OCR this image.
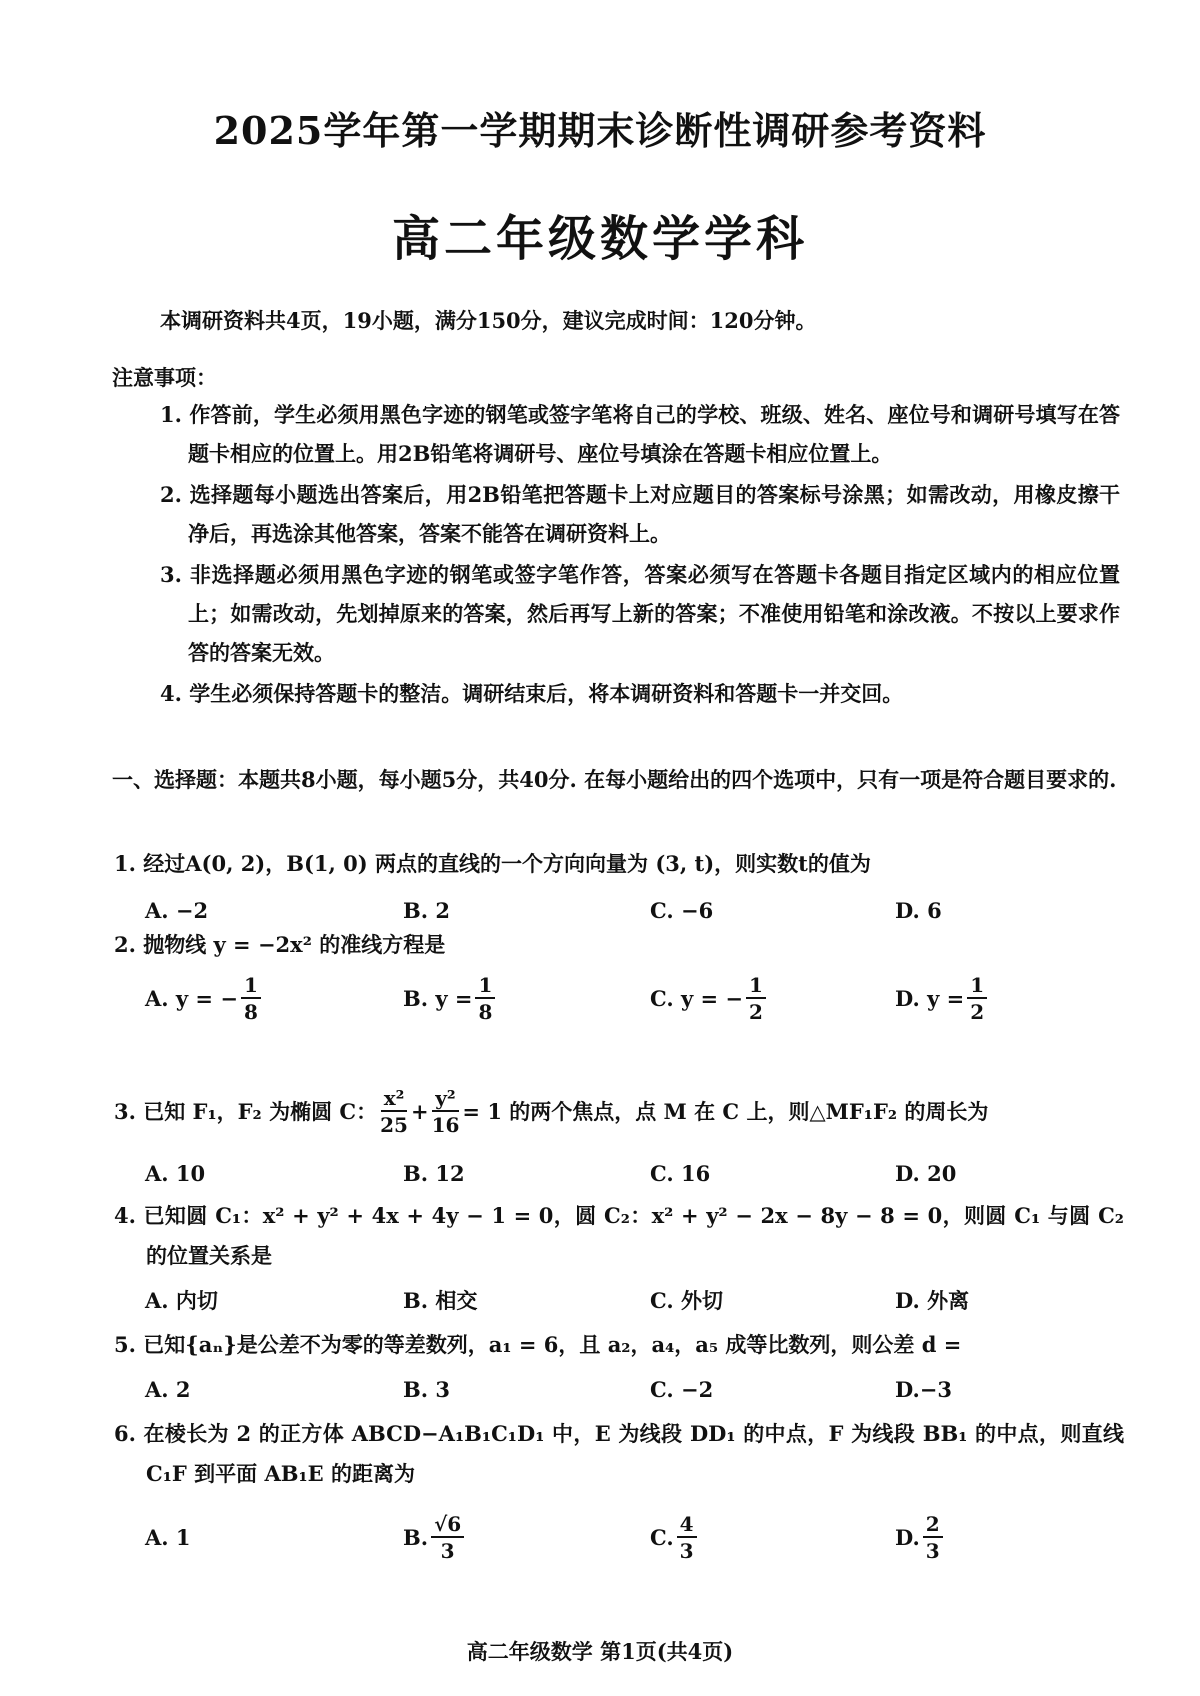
2025学年第一学期期末诊断性调研参考资料
高二年级数学学科
本调研资料共4页，19小题，满分150分，建议完成时间：120分钟。
注意事项：
1. 作答前，学生必须用黑色字迹的钢笔或签字笔将自己的学校、班级、姓名、座位号和调研号填写在答题卡相应的位置上。用2B铅笔将调研号、座位号填涂在答题卡相应位置上。
2. 选择题每小题选出答案后，用2B铅笔把答题卡上对应题目的答案标号涂黑；如需改动，用橡皮擦干净后，再选涂其他答案，答案不能答在调研资料上。
3. 非选择题必须用黑色字迹的钢笔或签字笔作答，答案必须写在答题卡各题目指定区域内的相应位置上；如需改动，先划掉原来的答案，然后再写上新的答案；不准使用铅笔和涂改液。不按以上要求作答的答案无效。
4. 学生必须保持答题卡的整洁。调研结束后，将本调研资料和答题卡一并交回。
一、选择题：本题共8小题，每小题5分，共40分. 在每小题给出的四个选项中，只有一项是符合题目要求的.
1. 经过A(0, 2)，B(1, 0) 两点的直线的一个方向向量为 (3, t)，则实数t的值为
A. −2	B. 2	C. −6	D. 6
2. 抛物线 y = −2x² 的准线方程是
A. y = − $\frac{1}{8}$	B. $y = \frac{1}{8}$	C. y = − $\frac{1}{2}$	D. $y = \frac{1}{2}$
3. 已知 F₁，F₂ 为椭圆 C： $\frac{\text{x²}}{25} + \frac{\text{y²}}{16} = 1$ 的两个焦点，点 M 在 C 上，则△MF₁F₂ 的周长为
A. 10	B. 12	C. 16	D. 20
4. 已知圆 C₁：x² + y² + 4x + 4y − 1 = 0，圆 C₂：x² + y² − 2x − 8y − 8 = 0，则圆 C₁ 与圆 C₂ 的位置关系是
A. 内切	B. 相交	C. 外切	D. 外离
5. 已知{aₙ}是公差不为零的等差数列，a₁ = 6，且 a₂，a₄，a₅ 成等比数列，则公差 d =
A. 2	B. 3	C. −2	D.−3
6. 在棱长为 2 的正方体 ABCD−A₁B₁C₁D₁ 中，E 为线段 DD₁ 的中点，F 为线段 BB₁ 的中点，则直线 C₁F 到平面 AB₁E 的距离为
A. 1	B. $\frac{√6}{3}$	C. $\frac{4}{3}$	D. $\frac{2}{3}$
高二年级数学 第1页(共4页)
